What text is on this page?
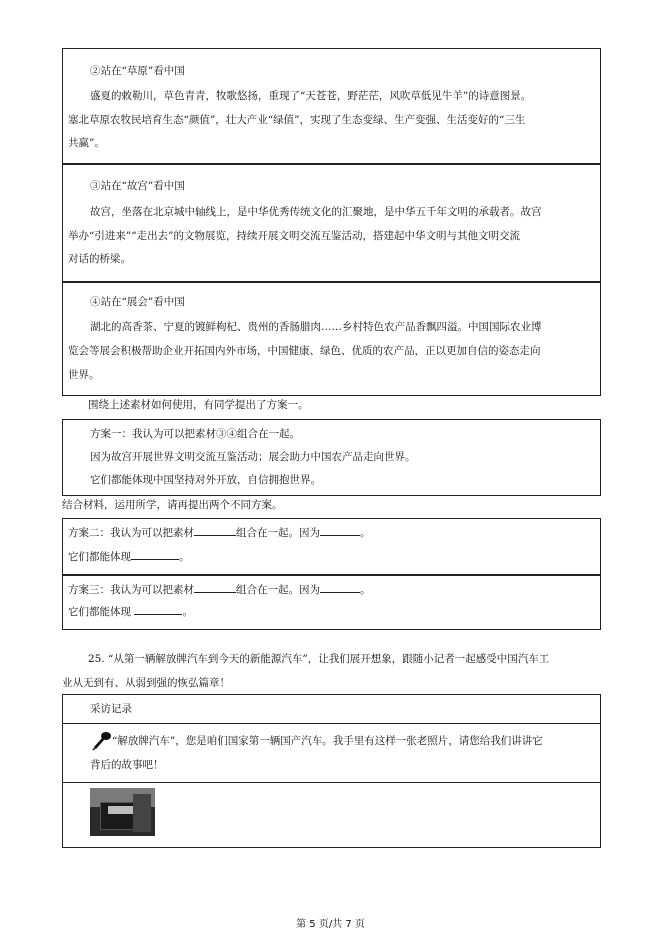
②站在“草原”看中国
盛夏的敕勒川，草色青青，牧歌悠扬，重现了“天苍苍，野茫茫，风吹草低见牛羊”的诗意图景。
塞北草原农牧民培育生态“颜值”，壮大产业“绿值”，实现了生态变绿、生产变强、生活变好的“三生
共赢”。
③站在“故宫”看中国
故宫，坐落在北京城中轴线上，是中华优秀传统文化的汇聚地，是中华五千年文明的承载者。故宫
举办“引进来”“走出去”的文物展览，持续开展文明交流互鉴活动，搭建起中华文明与其他文明交流
对话的桥梁。
④站在“展会”看中国
湖北的高香茶、宁夏的镀鲜枸杞、贵州的香肠腊肉……乡村特色农产品香飘四溢。中国国际农业博
览会等展会积极帮助企业开拓国内外市场，中国健康、绿色、优质的农产品，正以更加自信的姿态走向
世界。
围绕上述素材如何使用，有同学提出了方案一。
方案一：我认为可以把素材③④组合在一起。
因为故宫开展世界文明交流互鉴活动；展会助力中国农产品走向世界。
它们都能体现中国坚持对外开放，自信拥抱世界。
结合材料，运用所学，请再提出两个不同方案。
方案二：我认为可以把素材	组合在一起。因为	。
它们都能体现	。
方案三：我认为可以把素材	组合在一起。因为	。
它们都能体现	。
25. “从第一辆解放牌汽车到今天的新能源汽车”，让我们展开想象，跟随小记者一起感受中国汽车工
业从无到有、从弱到强的恢弘篇章！
采访记录
“解放牌汽车”，您是咱们国家第一辆国产汽车。我手里有这样一张老照片，请您给我们讲讲它
背后的故事吧！
第 5 页/共 7 页
